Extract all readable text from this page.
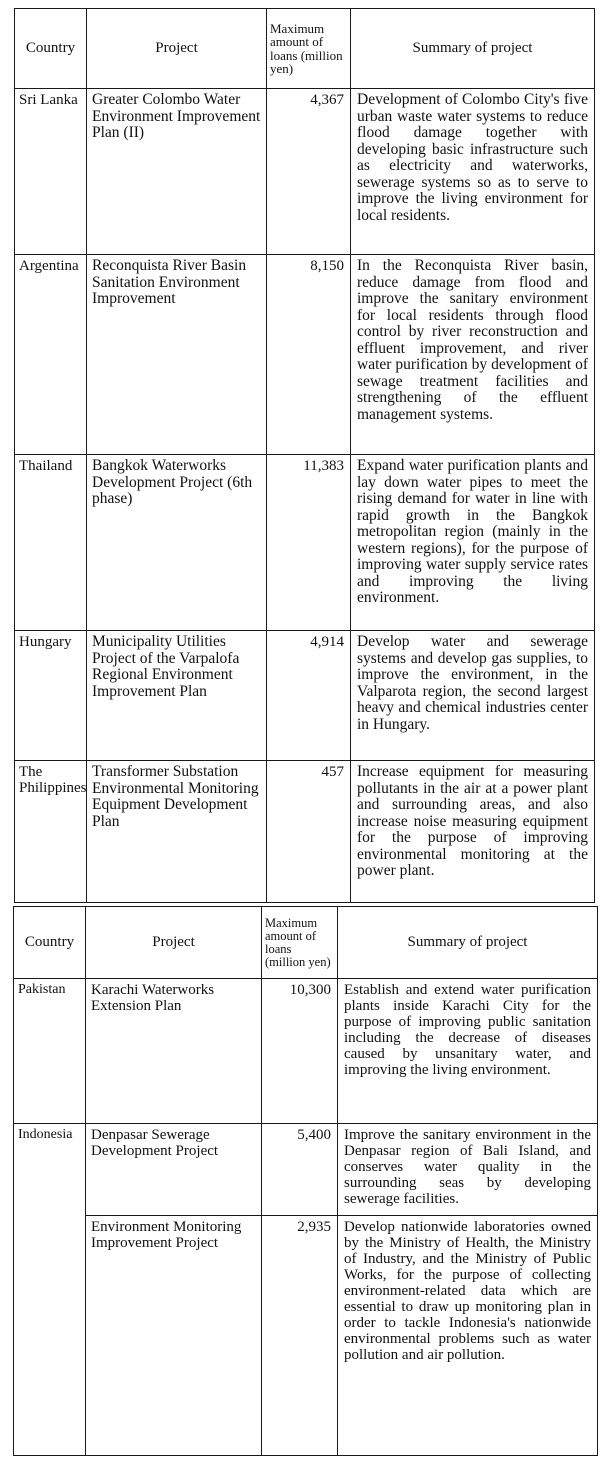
Country	Project	Maximum amount of loans (million yen)	Summary of project
Sri Lanka	Greater Colombo Water Environment Improvement Plan (II)	4,367	Development of Colombo City's five urban waste water systems to reduce flood damage together with developing basic infrastructure such as electricity and waterworks, sewerage systems so as to serve to improve the living environment for local residents.
Argentina	Reconquista River Basin Sanitation Environment Improvement	8,150	In the Reconquista River basin, reduce damage from flood and improve the sanitary environment for local residents through flood control by river reconstruction and effluent improvement, and river water purification by development of sewage treatment facilities and strengthening of the effluent management systems.
Thailand	Bangkok Waterworks Development Project (6th phase)	11,383	Expand water purification plants and lay down water pipes to meet the rising demand for water in line with rapid growth in the Bangkok metropolitan region (mainly in the western regions), for the purpose of improving water supply service rates and improving the living environment.
Hungary	Municipality Utilities Project of the Varpalofa Regional Environment Improvement Plan	4,914	Develop water and sewerage systems and develop gas supplies, to improve the environment, in the Valparota region, the second largest heavy and chemical industries center in Hungary.
The Philippines	Transformer Substation Environmental Monitoring Equipment Development Plan	457	Increase equipment for measuring pollutants in the air at a power plant and surrounding areas, and also increase noise measuring equipment for the purpose of improving environmental monitoring at the power plant.
Country	Project	Maximum amount of loans (million yen)	Summary of project
Pakistan	Karachi Waterworks Extension Plan	10,300	Establish and extend water purification plants inside Karachi City for the purpose of improving public sanitation including the decrease of diseases caused by unsanitary water, and improving the living environment.
Indonesia	Denpasar Sewerage Development Project	5,400	Improve the sanitary environment in the Denpasar region of Bali Island, and conserves water quality in the surrounding seas by developing sewerage facilities.
	Environment Monitoring Improvement Project	2,935	Develop nationwide laboratories owned by the Ministry of Health, the Ministry of Industry, and the Ministry of Public Works, for the purpose of collecting environment-related data which are essential to draw up monitoring plan in order to tackle Indonesia's nationwide environmental problems such as water pollution and air pollution.
